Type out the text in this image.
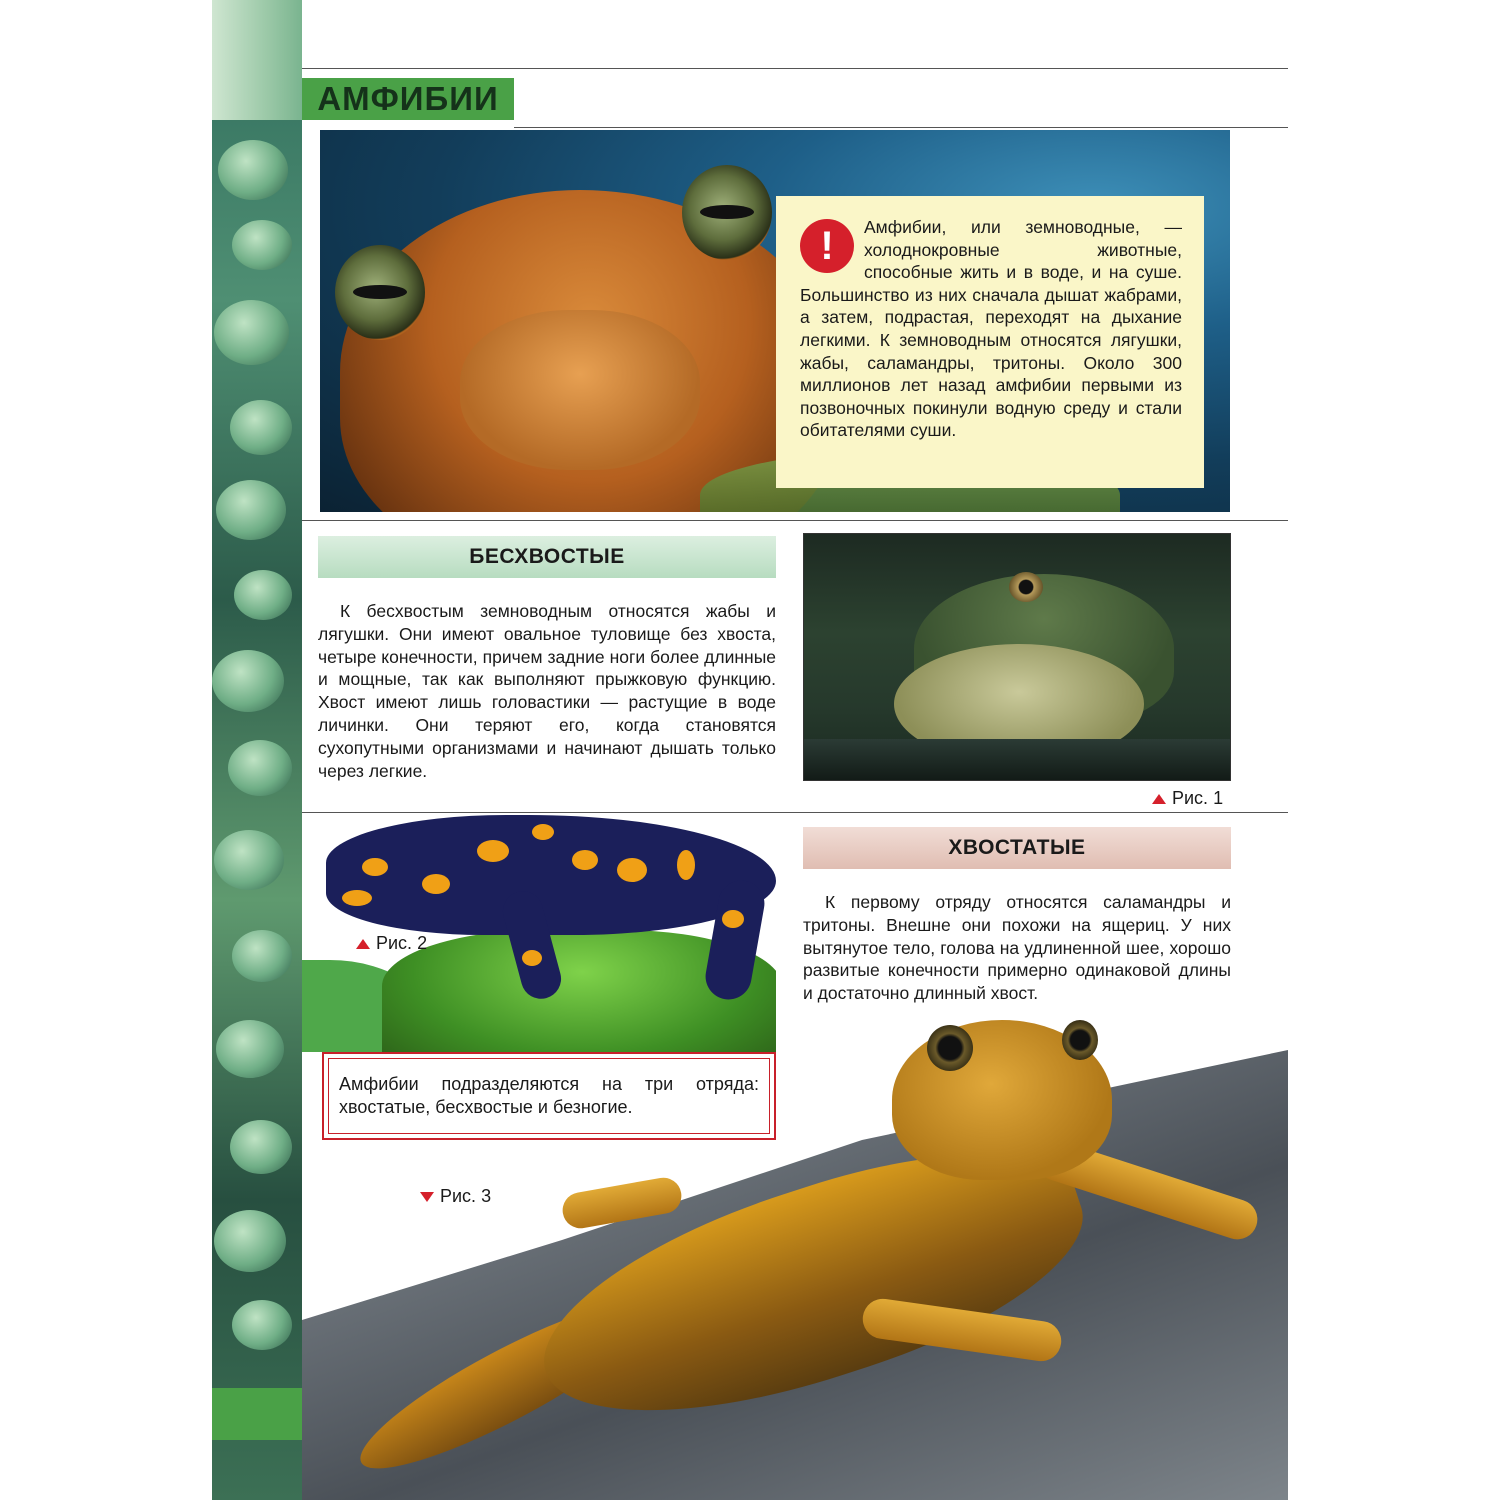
АМФИБИИ
!	Амфибии, или земноводные, — холоднокровные животные, способные жить и в воде, и на суше. Большинство из них сначала дышат жабрами, а затем, подрастая, переходят на дыхание легкими. К земноводным относятся лягушки, жабы, саламандры, тритоны. Около 300 миллионов лет назад амфибии первыми из позвоночных покинули водную среду и стали обитателями суши.
БЕСХВОСТЫЕ
К бесхвостым земноводным относятся жабы и лягушки. Они имеют овальное туловище без хвоста, четыре конечности, причем задние ноги более длинные и мощные, так как выполняют прыжковую функцию. Хвост имеют лишь головастики — растущие в воде личинки. Они теряют его, когда становятся сухопутными организмами и начинают дышать только через легкие.
Рис. 1
ХВОСТАТЫЕ
К первому отряду относятся саламандры и тритоны. Внешне они похожи на ящериц. У них вытянутое тело, голова на удлиненной шее, хорошо развитые конечности примерно одинаковой длины и достаточно длинный хвост.
Рис. 2
Амфибии подразделяются на три отряда: хвостатые, бесхвостые и безногие.
Рис. 3
